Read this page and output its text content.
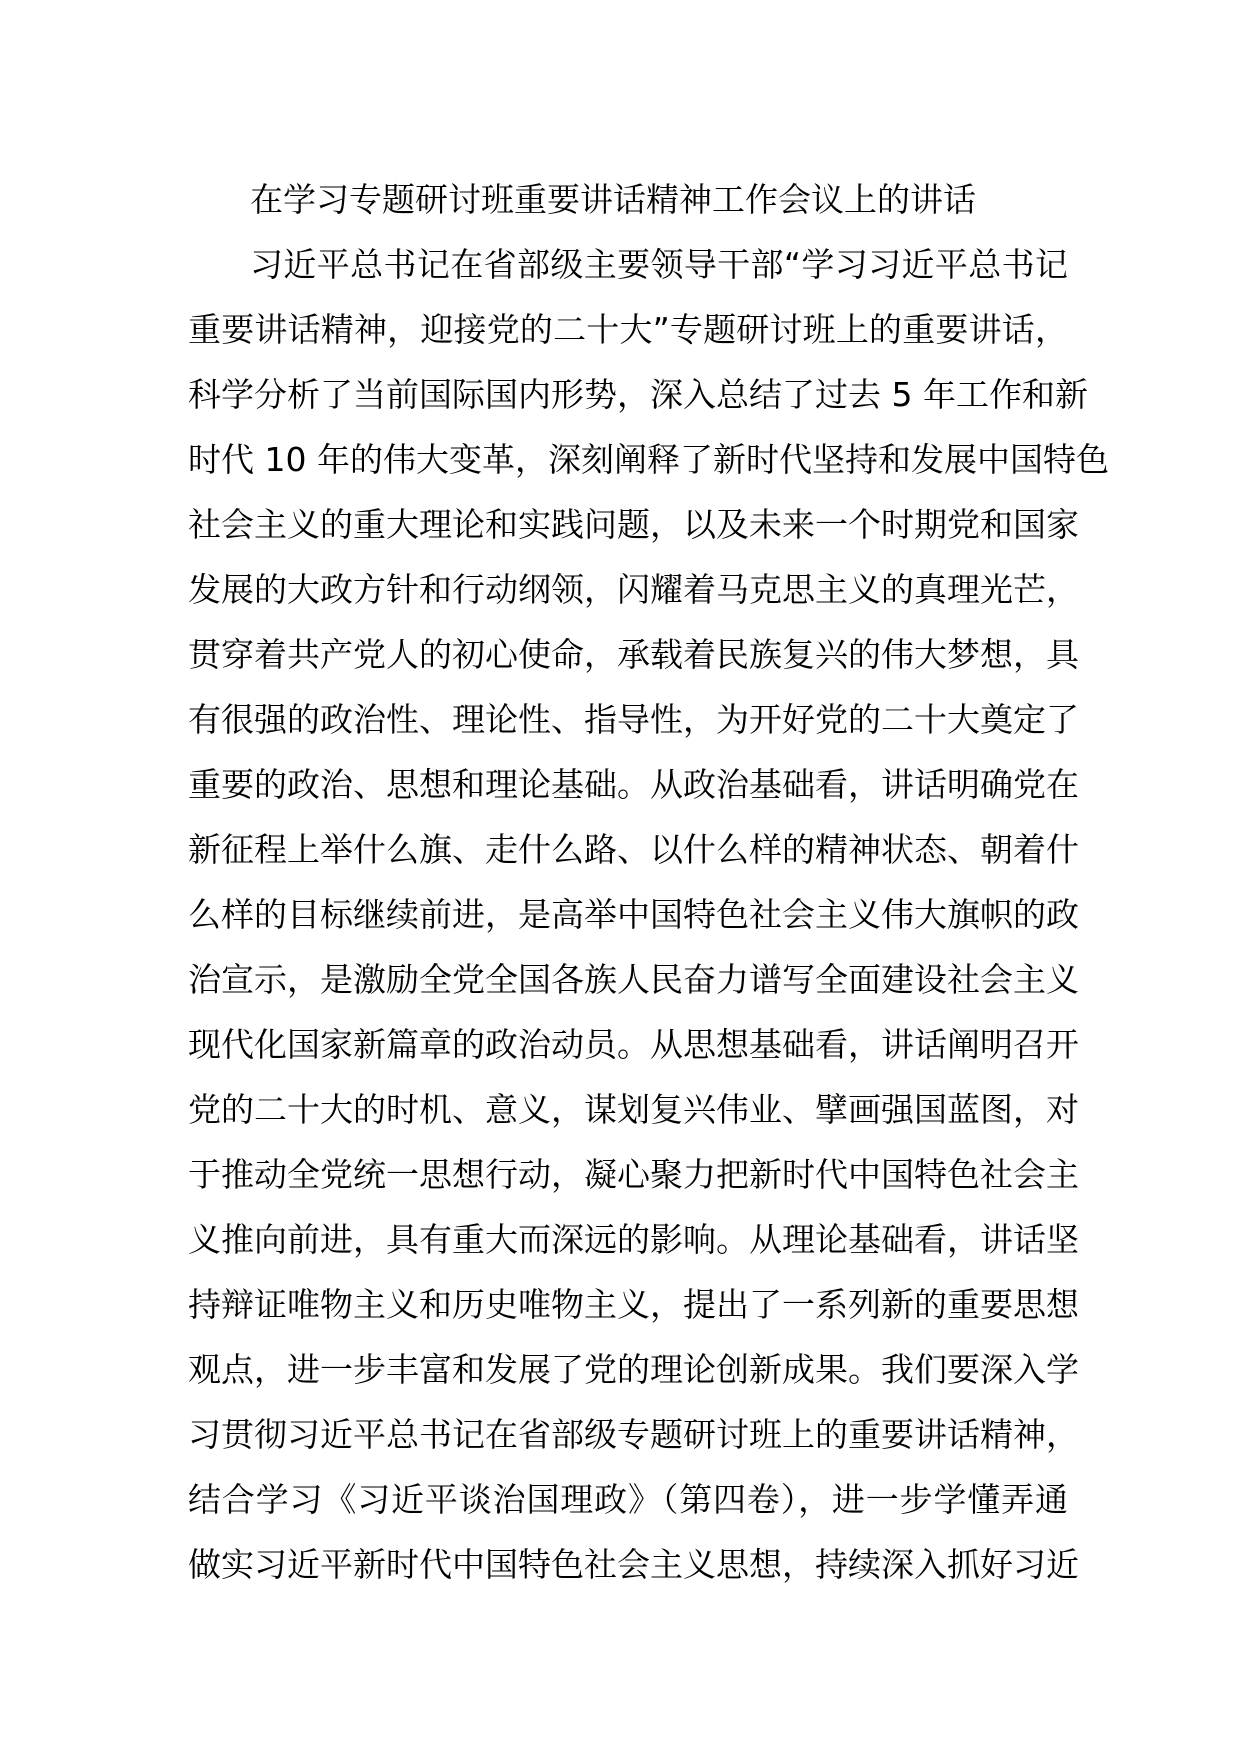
在学习专题研讨班重要讲话精神工作会议上的讲话
习近平总书记在省部级主要领导干部“学习习近平总书记
重要讲话精神，迎接党的二十大”专题研讨班上的重要讲话，
科学分析了当前国际国内形势，深入总结了过去 5 年工作和新
时代 10 年的伟大变革，深刻阐释了新时代坚持和发展中国特色
社会主义的重大理论和实践问题，以及未来一个时期党和国家
发展的大政方针和行动纲领，闪耀着马克思主义的真理光芒，
贯穿着共产党人的初心使命，承载着民族复兴的伟大梦想，具
有很强的政治性、理论性、指导性，为开好党的二十大奠定了
重要的政治、思想和理论基础。从政治基础看，讲话明确党在
新征程上举什么旗、走什么路、以什么样的精神状态、朝着什
么样的目标继续前进，是高举中国特色社会主义伟大旗帜的政
治宣示，是激励全党全国各族人民奋力谱写全面建设社会主义
现代化国家新篇章的政治动员。从思想基础看，讲话阐明召开
党的二十大的时机、意义，谋划复兴伟业、擘画强国蓝图，对
于推动全党统一思想行动，凝心聚力把新时代中国特色社会主
义推向前进，具有重大而深远的影响。从理论基础看，讲话坚
持辩证唯物主义和历史唯物主义，提出了一系列新的重要思想
观点，进一步丰富和发展了党的理论创新成果。我们要深入学
习贯彻习近平总书记在省部级专题研讨班上的重要讲话精神，
结合学习《习近平谈治国理政》（第四卷），进一步学懂弄通
做实习近平新时代中国特色社会主义思想，持续深入抓好习近
